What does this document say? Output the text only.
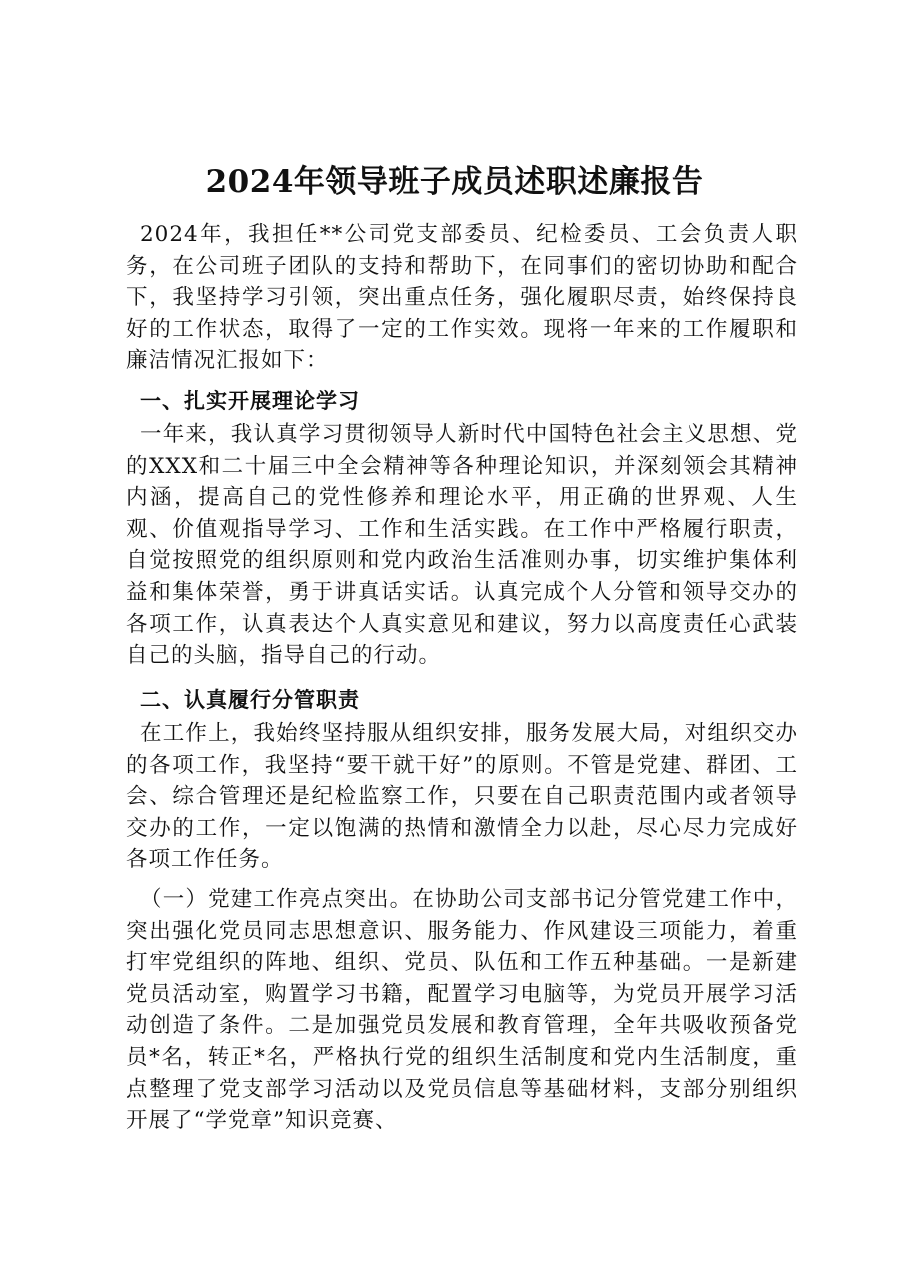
2024年领导班子成员述职述廉报告
2024年，我担任**公司党支部委员、纪检委员、工会负责人职务，在公司班子团队的支持和帮助下，在同事们的密切协助和配合下，我坚持学习引领，突出重点任务，强化履职尽责，始终保持良好的工作状态，取得了一定的工作实效。现将一年来的工作履职和廉洁情况汇报如下：
一、扎实开展理论学习
一年来，我认真学习贯彻领导人新时代中国特色社会主义思想、党的XXX和二十届三中全会精神等各种理论知识，并深刻领会其精神内涵，提高自己的党性修养和理论水平，用正确的世界观、人生观、价值观指导学习、工作和生活实践。在工作中严格履行职责，自觉按照党的组织原则和党内政治生活准则办事，切实维护集体利益和集体荣誉，勇于讲真话实话。认真完成个人分管和领导交办的各项工作，认真表达个人真实意见和建议，努力以高度责任心武装自己的头脑，指导自己的行动。
二、认真履行分管职责
在工作上，我始终坚持服从组织安排，服务发展大局，对组织交办的各项工作，我坚持“要干就干好”的原则。不管是党建、群团、工会、综合管理还是纪检监察工作，只要在自己职责范围内或者领导交办的工作，一定以饱满的热情和激情全力以赴，尽心尽力完成好各项工作任务。
（一）党建工作亮点突出。在协助公司支部书记分管党建工作中，突出强化党员同志思想意识、服务能力、作风建设三项能力，着重打牢党组织的阵地、组织、党员、队伍和工作五种基础。一是新建党员活动室，购置学习书籍，配置学习电脑等，为党员开展学习活动创造了条件。二是加强党员发展和教育管理，全年共吸收预备党员*名，转正*名，严格执行党的组织生活制度和党内生活制度，重点整理了党支部学习活动以及党员信息等基础材料，支部分别组织开展了“学党章”知识竞赛、
